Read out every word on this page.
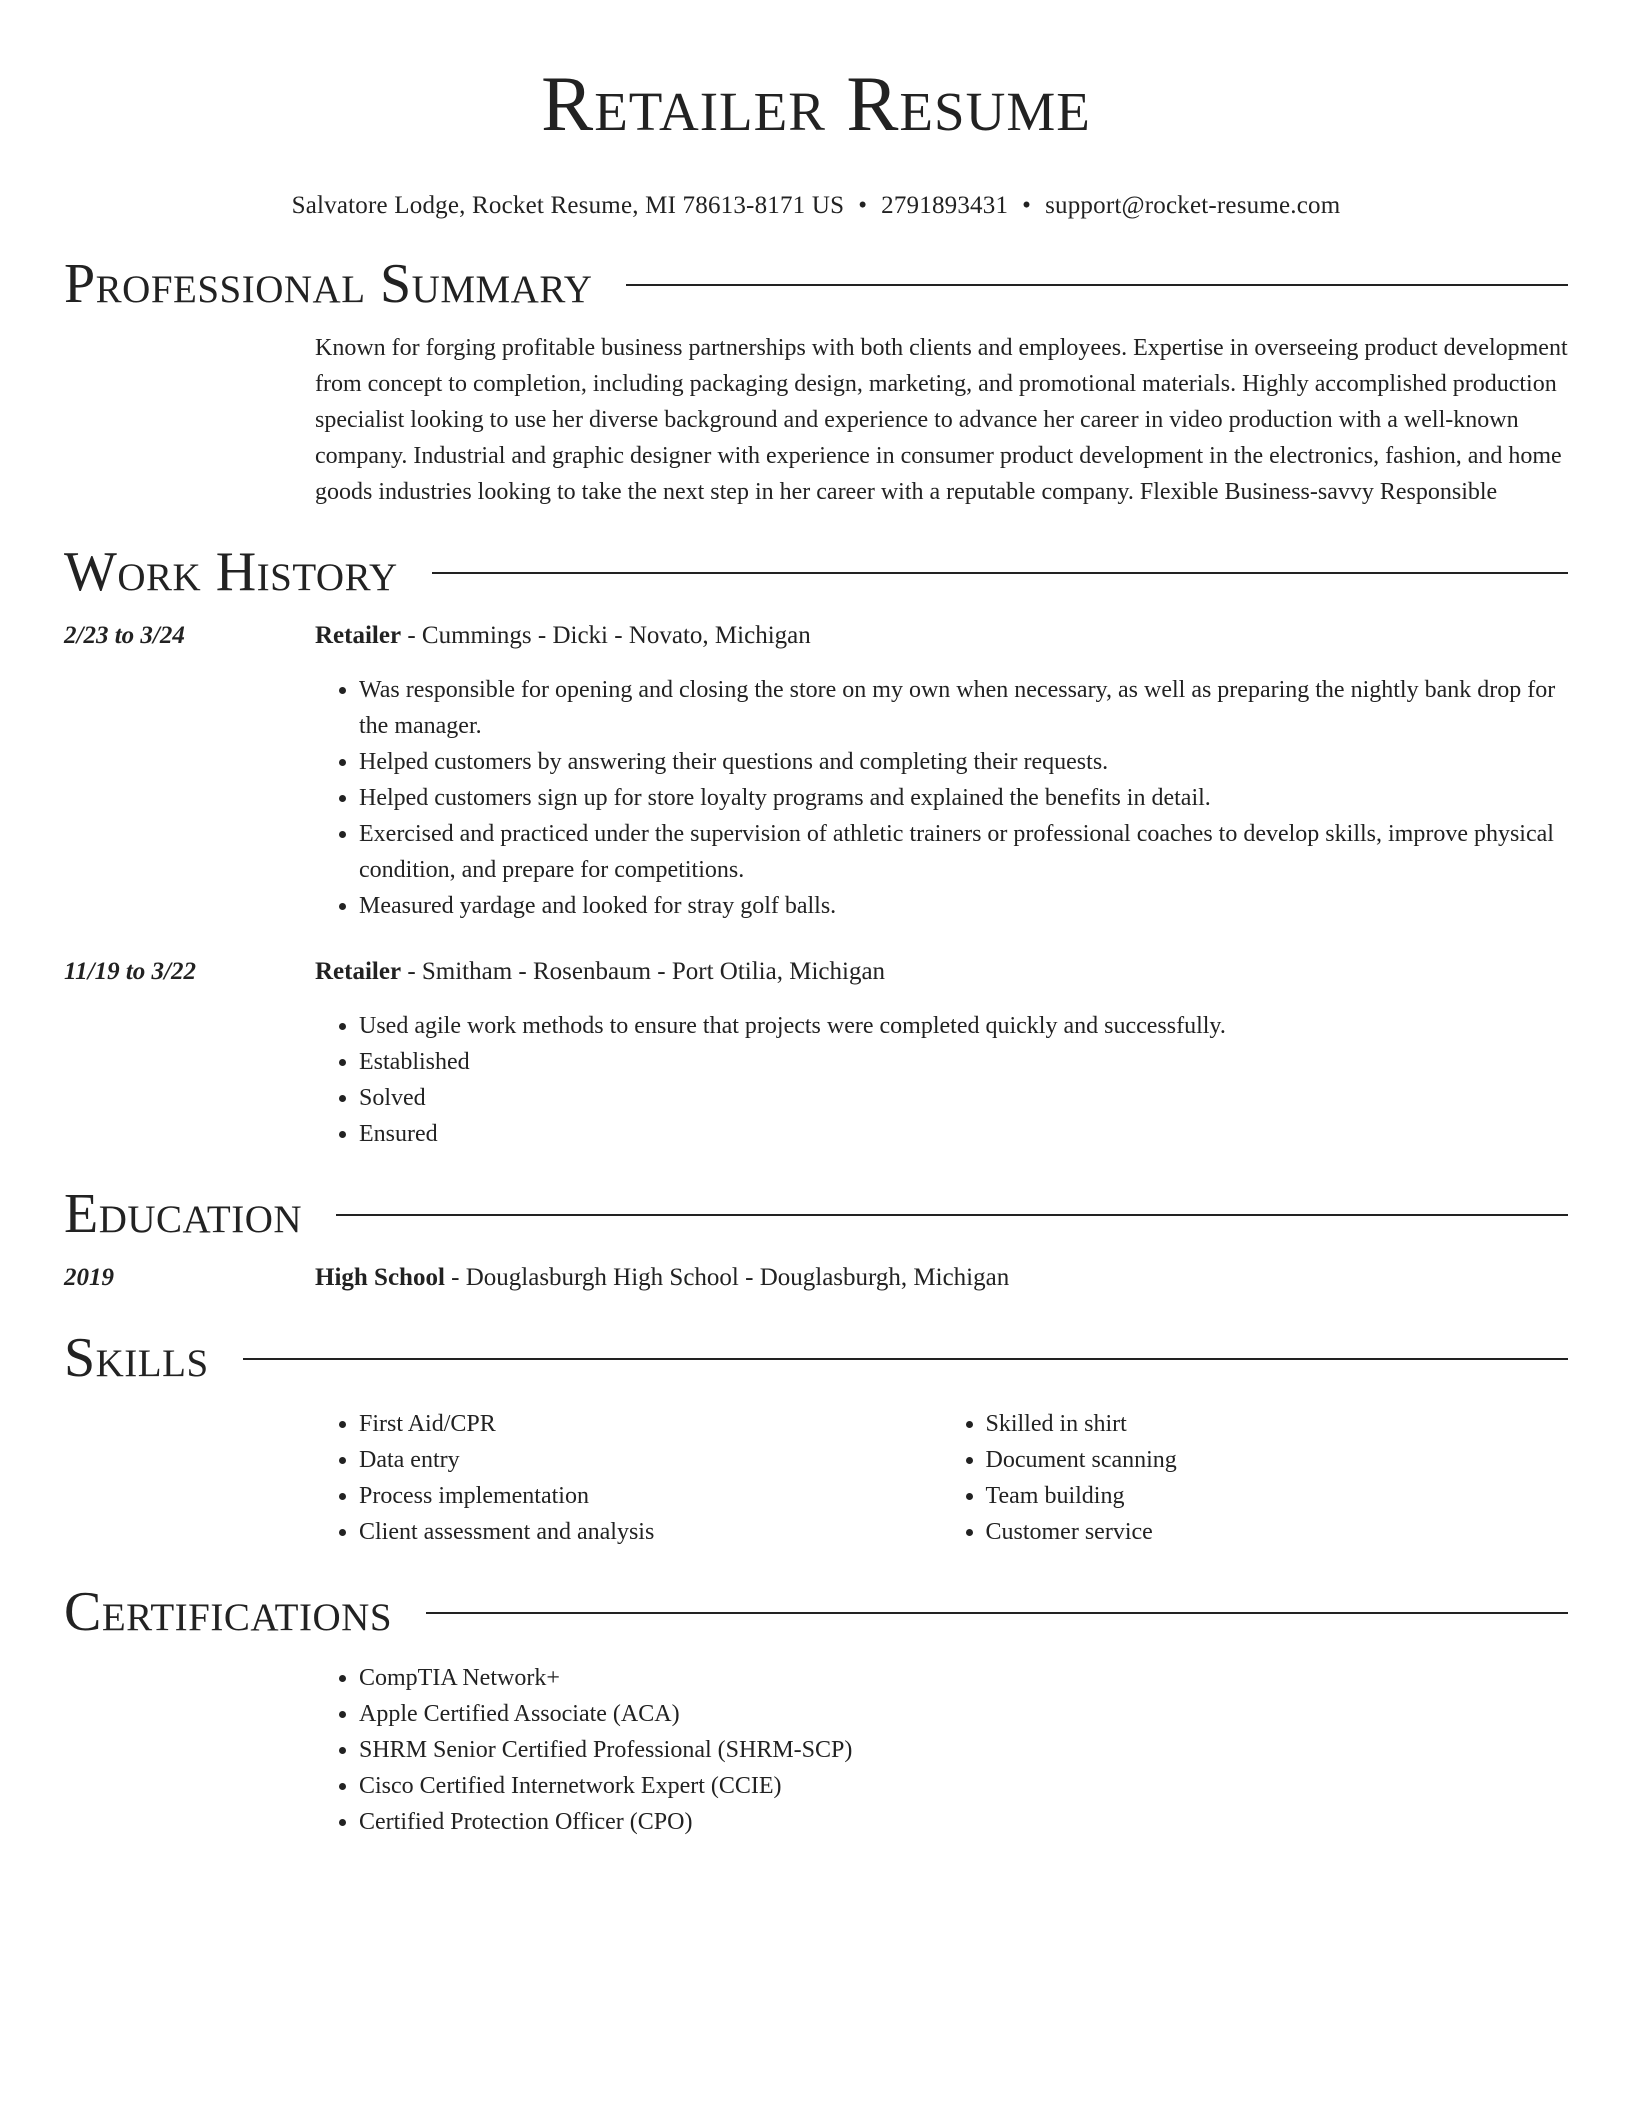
Retailer Resume
Salvatore Lodge, Rocket Resume, MI 78613-8171 US • 2791893431 • support@rocket-resume.com
Professional Summary
Known for forging profitable business partnerships with both clients and employees. Expertise in overseeing product development from concept to completion, including packaging design, marketing, and promotional materials. Highly accomplished production specialist looking to use her diverse background and experience to advance her career in video production with a well-known company. Industrial and graphic designer with experience in consumer product development in the electronics, fashion, and home goods industries looking to take the next step in her career with a reputable company. Flexible Business-savvy Responsible
Work History
2/23 to 3/24	Retailer - Cummings - Dicki - Novato, Michigan
• Was responsible for opening and closing the store on my own when necessary, as well as preparing the nightly bank drop for the manager.
• Helped customers by answering their questions and completing their requests.
• Helped customers sign up for store loyalty programs and explained the benefits in detail.
• Exercised and practiced under the supervision of athletic trainers or professional coaches to develop skills, improve physical condition, and prepare for competitions.
• Measured yardage and looked for stray golf balls.
11/19 to 3/22	Retailer - Smitham - Rosenbaum - Port Otilia, Michigan
• Used agile work methods to ensure that projects were completed quickly and successfully.
• Established
• Solved
• Ensured
Education
2019	High School - Douglasburgh High School - Douglasburgh, Michigan
Skills
• First Aid/CPR
• Data entry
• Process implementation
• Client assessment and analysis
• Skilled in shirt
• Document scanning
• Team building
• Customer service
Certifications
• CompTIA Network+
• Apple Certified Associate (ACA)
• SHRM Senior Certified Professional (SHRM-SCP)
• Cisco Certified Internetwork Expert (CCIE)
• Certified Protection Officer (CPO)
